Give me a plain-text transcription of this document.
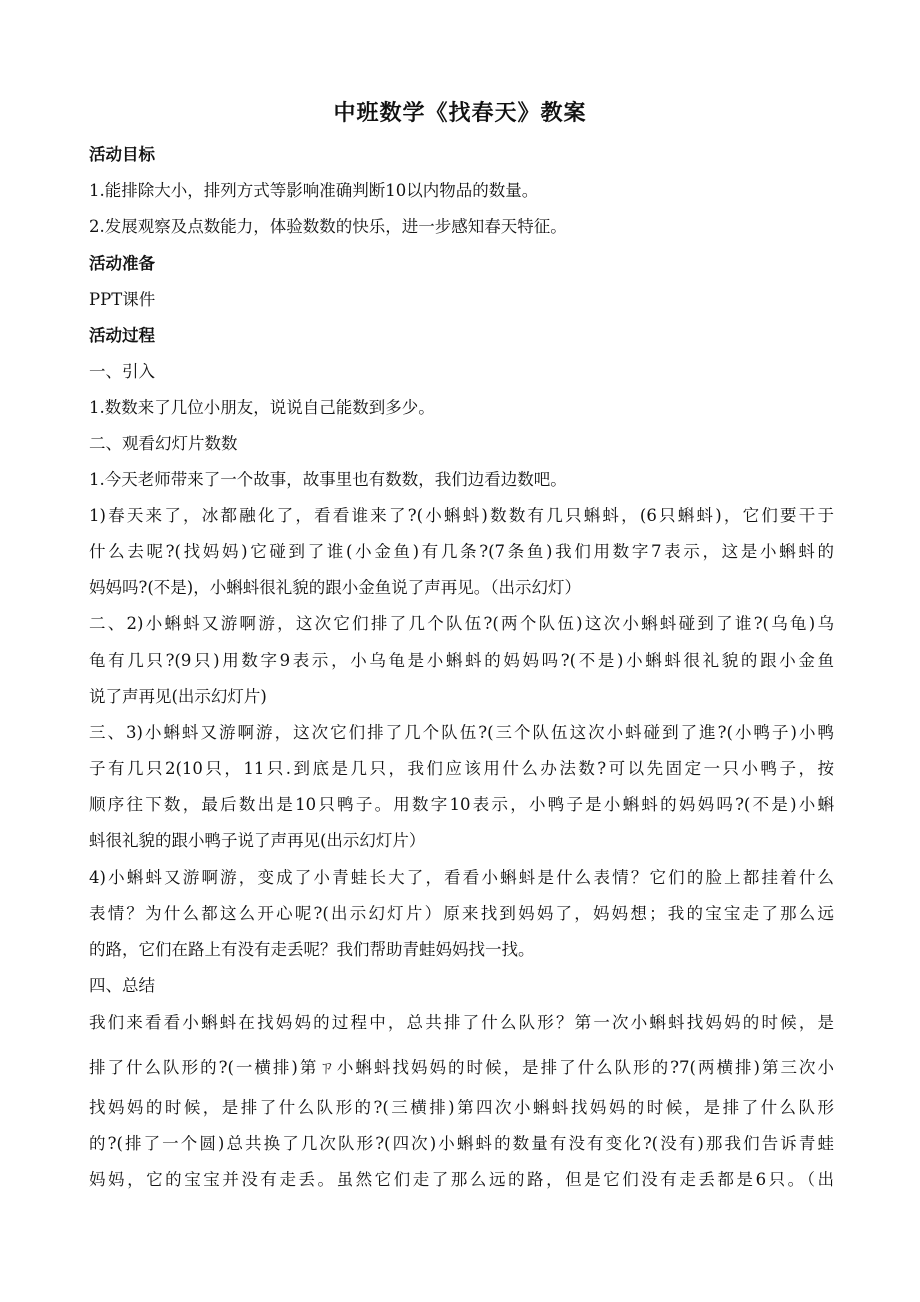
中班数学《找春天》教案
活动目标
1.能排除大小，排列方式等影响准确判断10以内物品的数量。
2.发展观察及点数能力，体验数数的快乐，进一步感知春天特征。
活动准备
PPT课件
活动过程
一、引入
1.数数来了几位小朋友，说说自己能数到多少。
二、观看幻灯片数数
1.今天老师带来了一个故事，故事里也有数数，我们边看边数吧。
1)春天来了，冰都融化了，看看谁来了?(小蝌蚪)数数有几只蝌蚪，(6只蝌蚪)，它们要干于
什么去呢?(找妈妈)它碰到了谁(小金鱼)有几条?(7条鱼)我们用数字7表示，这是小蝌蚪的
妈妈吗?(不是)，小蝌蚪很礼貌的跟小金鱼说了声再见。（出示幻灯）
二、2)小蝌蚪又游啊游，这次它们排了几个队伍?(两个队伍)这次小蝌蚪碰到了谁?(乌龟)乌
龟有几只?(9只)用数字9表示，小乌龟是小蝌蚪的妈妈吗?(不是)小蝌蚪很礼貌的跟小金鱼
说了声再见(出示幻灯片)
三、3)小蝌蚪又游啊游，这次它们排了几个队伍?(三个队伍这次小蚪碰到了進?(小鸭子)小鸭
子有几只2(10只，11只.到底是几只，我们应该用什么办法数?可以先固定一只小鸭子，按
顺序往下数，最后数出是10只鸭子。用数字10表示，小鸭子是小蝌蚪的妈妈吗?(不是)小蝌
蚪很礼貌的跟小鸭子说了声再见(出示幻灯片）
4)小蝌蚪又游啊游，变成了小青蛙长大了，看看小蝌蚪是什么表情？它们的脸上都挂着什么
表情？为什么都这么开心呢?(出示幻灯片）原来找到妈妈了，妈妈想；我的宝宝走了那么远
的路，它们在路上有没有走丢呢？我们帮助青蛙妈妈找一找。
四、总结
我们来看看小蝌蚪在找妈妈的过程中，总共排了什么队形？第一次小蝌蚪找妈妈的时候，是
排了什么队形的?(一横排)第ㄗ小蝌蚪找妈妈的时候，是排了什么队形的?7(两横排)第三次小
找妈妈的时候，是排了什么队形的?(三横排)第四次小蝌蚪找妈妈的时候，是排了什么队形
的?(排了一个圆)总共换了几次队形?(四次)小蝌蚪的数量有没有变化?(没有)那我们告诉青蛙
妈妈，它的宝宝并没有走丢。虽然它们走了那么远的路，但是它们没有走丢都是6只。（出
